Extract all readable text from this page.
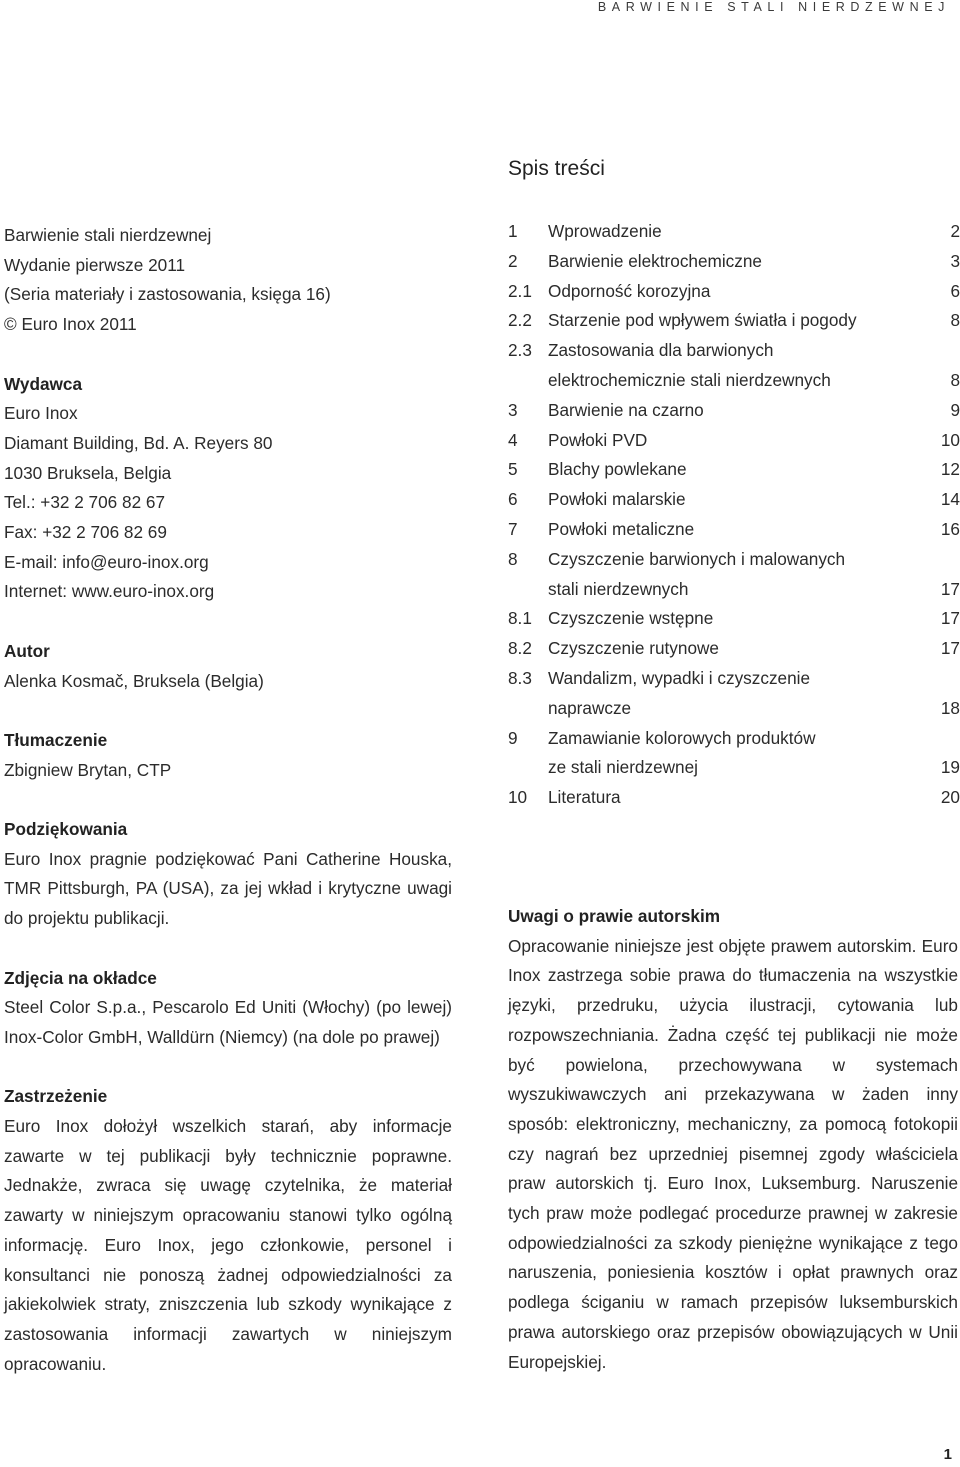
BARWIENIE STALI NIERDZEWNEJ
Spis treści
Barwienie stali nierdzewnej
Wydanie pierwsze 2011
(Seria materiały i zastosowania, księga 16)
© Euro Inox 2011
Wydawca
Euro Inox
Diamant Building, Bd. A. Reyers 80
1030 Bruksela, Belgia
Tel.: +32 2 706 82 67
Fax: +32 2 706 82 69
E-mail: info@euro-inox.org
Internet: www.euro-inox.org
Autor
Alenka Kosmač, Bruksela (Belgia)
Tłumaczenie
Zbigniew Brytan, CTP
Podziękowania
Euro Inox pragnie podziękować Pani Catherine Houska, TMR Pittsburgh, PA (USA), za jej wkład i krytyczne uwagi do projektu publikacji.
Zdjęcia na okładce
Steel Color S.p.a., Pescarolo Ed Uniti (Włochy) (po lewej) Inox-Color GmbH, Walldürn (Niemcy) (na dole po prawej)
Zastrzeżenie
Euro Inox dołożył wszelkich starań, aby informacje zawarte w tej publikacji były technicznie poprawne. Jednakże, zwraca się uwagę czytelnika, że materiał zawarty w niniejszym opracowaniu stanowi tylko ogólną informację. Euro Inox, jego członkowie, personel i konsultanci nie ponoszą żadnej odpowiedzialności za jakiekolwiek straty, zniszczenia lub szkody wynikające z zastosowania informacji zawartych w niniejszym opracowaniu.
1	Wprowadzenie	2
2	Barwienie elektrochemiczne	3
2.1 Odporność korozyjna	6
2.2 Starzenie pod wpływem światła i pogody	8
2.3 Zastosowania dla barwionych
elektrochemicznie stali nierdzewnych	8
3	Barwienie na czarno	9
4	Powłoki PVD	10
5	Blachy powlekane	12
6	Powłoki malarskie	14
7	Powłoki metaliczne	16
8	Czyszczenie barwionych i malowanych
stali nierdzewnych	17
8.1 Czyszczenie wstępne	17
8.2 Czyszczenie rutynowe	17
8.3 Wandalizm, wypadki i czyszczenie
naprawcze	18
9	Zamawianie kolorowych produktów
ze stali nierdzewnej	19
10	Literatura	20
Uwagi o prawie autorskim
Opracowanie niniejsze jest objęte prawem autorskim. Euro Inox zastrzega sobie prawa do tłumaczenia na wszystkie języki, przedruku, użycia ilustracji, cytowania lub rozpowszechniania. Żadna część tej publikacji nie może być powielona, przechowywana w systemach wyszukiwawczych ani przekazywana w żaden inny sposób: elektroniczny, mechaniczny, za pomocą fotokopii czy nagrań bez uprzedniej pisemnej zgody właściciela praw autorskich tj. Euro Inox, Luksemburg. Naruszenie tych praw może podlegać procedurze prawnej w zakresie odpowiedzialności za szkody pieniężne wynikające z tego naruszenia, poniesienia kosztów i opłat prawnych oraz podlega ściganiu w ramach przepisów luksemburskich prawa autorskiego oraz przepisów obowiązujących w Unii Europejskiej.
1
